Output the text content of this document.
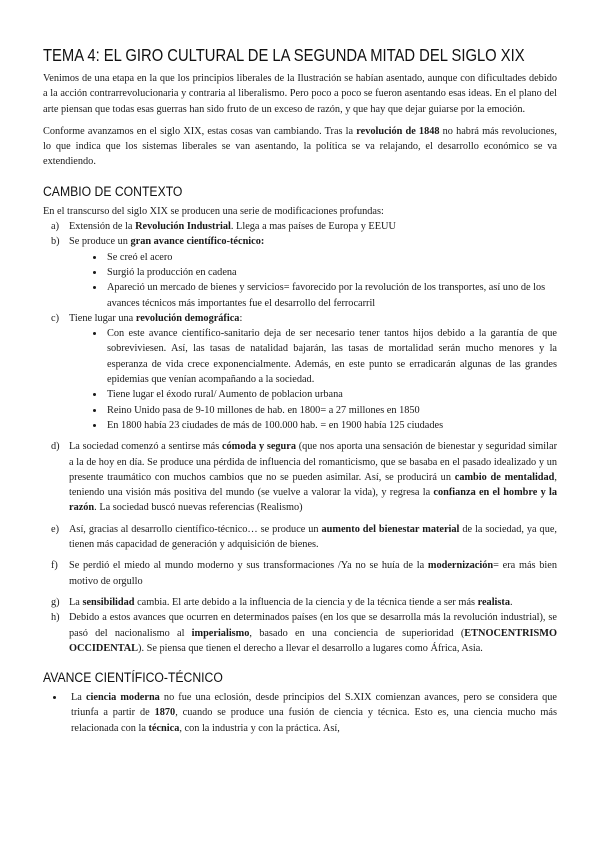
TEMA 4: EL GIRO CULTURAL DE LA SEGUNDA MITAD DEL SIGLO XIX

Venimos de una etapa en la que los principios liberales de la Ilustración se habían asentado, aunque con dificultades debido a la acción contrarrevolucionaria y contraria al liberalismo. Pero poco a poco se fueron asentando esas ideas. En el plano del arte piensan que todas esas guerras han sido fruto de un exceso de razón, y que hay que dejar guiarse por la emoción.

Conforme avanzamos en el siglo XIX, estas cosas van cambiando. Tras la revolución de 1848 no habrá más revoluciones, lo que indica que los sistemas liberales se van asentando, la política se va relajando, el desarrollo económico se va extendiendo.

CAMBIO DE CONTEXTO
En el transcurso del siglo XIX se producen una serie de modificaciones profundas:
a) Extensión de la Revolución Industrial. Llega a mas países de Europa y EEUU
b) Se produce un gran avance científico-técnico:
• Se creó el acero
• Surgió la producción en cadena
• Apareció un mercado de bienes y servicios= favorecido por la revolución de los transportes, así uno de los avances técnicos más importantes fue el desarrollo del ferrocarril
c) Tiene lugar una revolución demográfica:
• Con este avance científico-sanitario deja de ser necesario tener tantos hijos debido a la garantía de que sobreviviesen. Así, las tasas de natalidad bajarán, las tasas de mortalidad serán mucho menores y la esperanza de vida crece exponencialmente. Además, en este punto se erradicarán algunas de las grandes epidemias que venían acompañando a la sociedad.
• Tiene lugar el éxodo rural/ Aumento de poblacion urbana
• Reino Unido pasa de 9-10 millones de hab. en 1800= a 27 millones en 1850
• En 1800 había 23 ciudades de más de 100.000 hab. = en 1900 había 125 ciudades
d) La sociedad comenzó a sentirse más cómoda y segura (que nos aporta una sensación de bienestar y seguridad similar a la de hoy en día. Se produce una pérdida de influencia del romanticismo, que se basaba en el pasado idealizado y un presente traumático con muchos cambios que no se pueden asimilar. Así, se producirá un cambio de mentalidad, teniendo una visión más positiva del mundo (se vuelve a valorar la vida), y regresa la confianza en el hombre y la razón. La sociedad buscó nuevas referencias (Realismo)
e) Así, gracias al desarrollo científico-técnico… se produce un aumento del bienestar material de la sociedad, ya que, tienen más capacidad de generación y adquisición de bienes.
f) Se perdió el miedo al mundo moderno y sus transformaciones /Ya no se huía de la modernización= era más bien motivo de orgullo
g) La sensibilidad cambia. El arte debido a la influencia de la ciencia y de la técnica tiende a ser más realista.
h) Debido a estos avances que ocurren en determinados países (en los que se desarrolla más la revolución industrial), se pasó del nacionalismo al imperialismo, basado en una conciencia de superioridad (ETNOCENTRISMO OCCIDENTAL). Se piensa que tienen el derecho a llevar el desarrollo a lugares como África, Asia.
AVANCE CIENTÍFICO-TÉCNICO
• La ciencia moderna no fue una eclosión, desde principios del S.XIX comienzan avances, pero se considera que triunfa a partir de 1870, cuando se produce una fusión de ciencia y técnica. Esto es, una ciencia mucho más relacionada con la técnica, con la industria y con la práctica. Así,
